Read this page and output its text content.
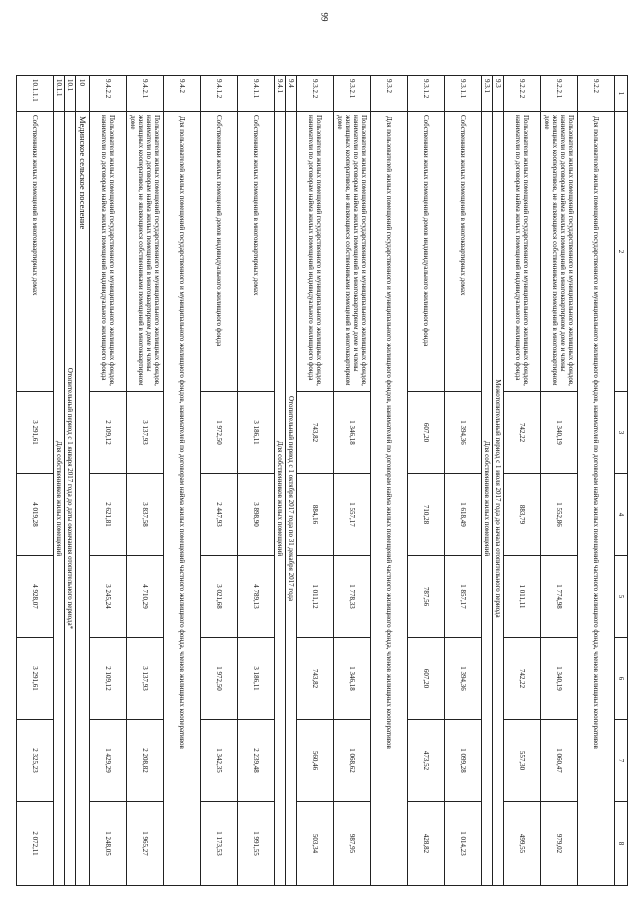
99
1	2	3	4	5	6	7	8
9.2.2	Для пользователей жилых помещений государственного и муниципального жилищного фондов, нанимателей по договорам найма жилых помещений частного жилищного фонда, членов жилищных кооперативов						
9.2.2.1	Пользователи жилых помещений государственного и муниципального жилищных фондов, наниматели по договорам найма жилых помещений в многоквартирном доме и члены жилищных кооперативов, не являющиеся собственниками помещений в многоквартирном доме	1 340,19	1 552,86	1 774,98	1 340,19	1 060,47	979,02
9.2.2.2	Пользователи жилых помещений государственного и муниципального жилищных фондов, наниматели по договорам найма жилых помещений индивидуального жилищного фонда	742,22	883,79	1 011,11	742,22	557,30	499,55
9.3	Межотопительный период с 1 июля 2017 года до начала отопительного периода						
9.3.1	Для собственников жилых помещений						
9.3.1.1	Собственники жилых помещений в многоквартирных домах	1 394,36	1 618,49	1 857,17	1 394,36	1 099,28	1 014,23
9.3.1.2	Собственники жилых помещений домов индивидуального жилищного фонда	607,20	710,28	787,56	607,20	473,52	428,82
9.3.2	Для пользователей жилых помещений государственного и муниципального жилищного фондов, нанимателей по договорам найма жилых помещений частного жилищного фонда, членов жилищных кооперативов						
9.3.2.1	Пользователи жилых помещений государственного и муниципального жилищных фондов, наниматели по договорам найма жилых помещений в многоквартирном доме и члены жилищных кооперативов, не являющиеся собственниками помещений в многоквартирном доме	1 346,18	1 557,17	1 778,33	1 346,18	1 068,62	987,95
9.3.2.2	Пользователи жилых помещений государственного и муниципального жилищных фондов, наниматели по договорам найма жилых помещений индивидуального жилищного фонда	743,82	884,16	1 011,12	743,82	560,46	503,34
9.4	Отопительный период с 1 октября 2017 года по 31 декабря 2017 года						
9.4.1	Для собственников жилых помещений						
9.4.1.1	Собственники жилых помещений в многоквартирных домах	3 186,11	3 898,90	4 789,13	3 186,11	2 239,48	1 991,55
9.4.1.2	Собственники жилых помещений домов индивидуального жилищного фонда	1 972,50	2 447,93	3 021,68	1 972,50	1 342,35	1 173,53
9.4.2	Для пользователей жилых помещений государственного и муниципального жилищного фондов, нанимателей по договорам найма жилых помещений частного жилищного фонда, членов жилищных кооперативов						
9.4.2.1	Пользователи жилых помещений государственного и муниципального жилищных фондов, наниматели по договорам найма жилых помещений в многоквартирном доме и члены жилищных кооперативов, не являющиеся собственниками помещений в многоквартирном доме	3 137,93	3 837,58	4 710,29	3 137,93	2 208,82	1 965,27
9.4.2.2	Пользователи жилых помещений государственного и муниципального жилищных фондов, наниматели по договорам найма жилых помещений индивидуального жилищного фонда	2 109,12	2 621,81	3 245,24	2 109,12	1 429,29	1 248,05
10	Мединское сельское поселение						
10.1	Отопительный период с 1 января 2017 года до даты окончания отопительного периода*						
10.1.1	Для собственников жилых помещений						
10.1.1.1	Собственники жилых помещений в многоквартирных домах	3 291,61	4 019,28	4 928,07	3 291,61	2 325,23	2 072,11
